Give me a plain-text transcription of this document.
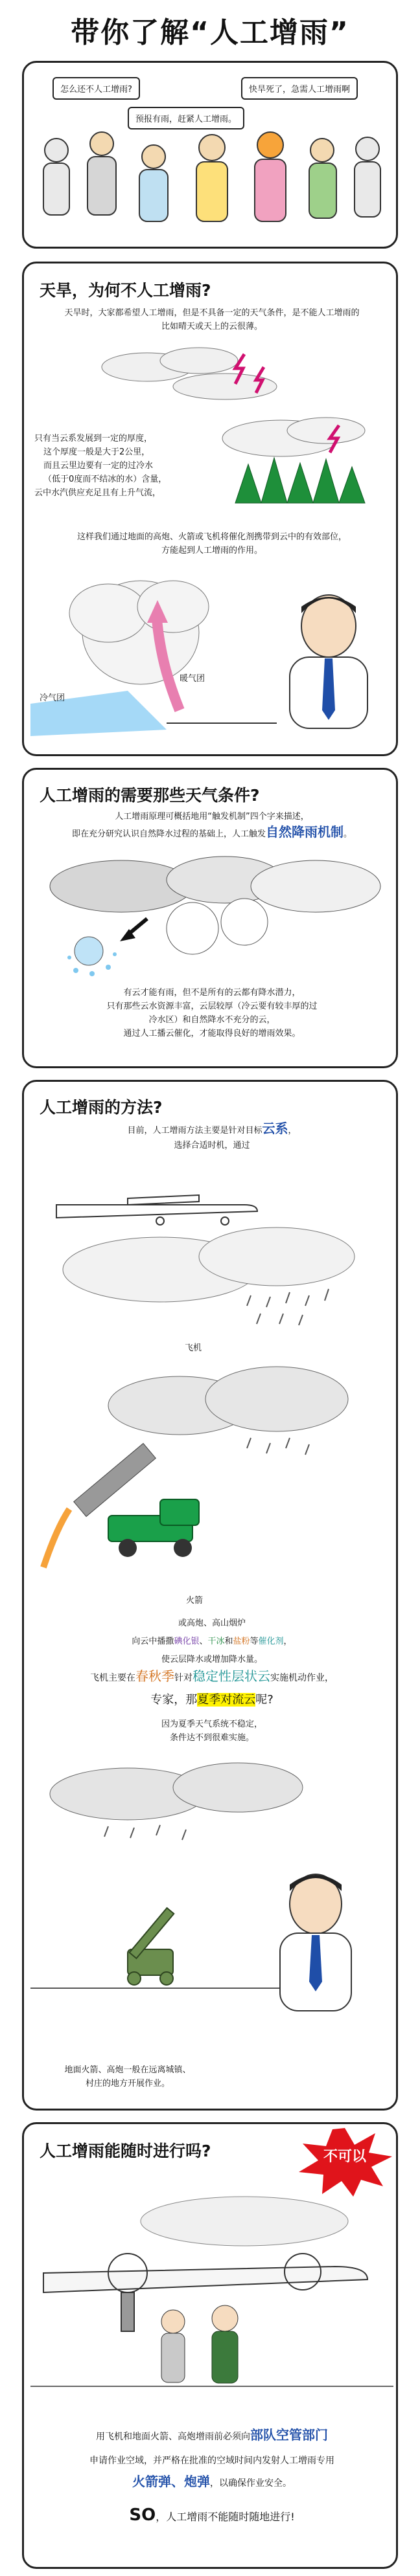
带你了解“人工增雨”
怎么还不人工增雨?	快旱死了，急需人工增雨啊
预报有雨，赶紧人工增雨。
天旱，为何不人工增雨?
天旱时，大家都希望人工增雨，但是不具备一定的天气条件，是不能人工增雨的
比如晴天或天上的云很薄。
只有当云系发展到一定的厚度，
这个厚度一般是大于2公里，
而且云里边要有一定的过冷水
（低于0度而不结冰的水）含量，
云中水汽供应充足且有上升气流，
这样我们通过地面的高炮、火箭或飞机将催化剂携带到云中的有效部位，
方能起到人工增雨的作用。
暖气团
冷气团
人工增雨的需要那些天气条件?
人工增雨原理可概括地用“触发机制”四个字来描述，
即在充分研究认识自然降水过程的基础上，人工触发自然降雨机制。
有云才能有雨，但不是所有的云都有降水潜力，
只有那些云水资源丰富，云层较厚（冷云要有较丰厚的过
冷水区）和自然降水不充分的云，
通过人工播云催化，才能取得良好的增雨效果。
人工增雨的方法?
目前，人工增雨方法主要是针对目标云系，
选择合适时机，通过
飞机
火箭
或高炮、高山烟炉
向云中播撒碘化银、干冰和盐粉等催化剂，
使云层降水或增加降水量。
飞机主要在春秋季针对稳定性层状云实施机动作业，
专家，那夏季对流云呢?
因为夏季天气系统不稳定，
条件达不到很难实施。
地面火箭、高炮一般在远离城镇、
村庄的地方开展作业。
人工增雨能随时进行吗?	不可以
用飞机和地面火箭、高炮增雨前必须向部队空管部门
申请作业空域，并严格在批准的空域时间内发射人工增雨专用
火箭弹、炮弹，以确保作业安全。
SO，人工增雨不能随时随地进行!
